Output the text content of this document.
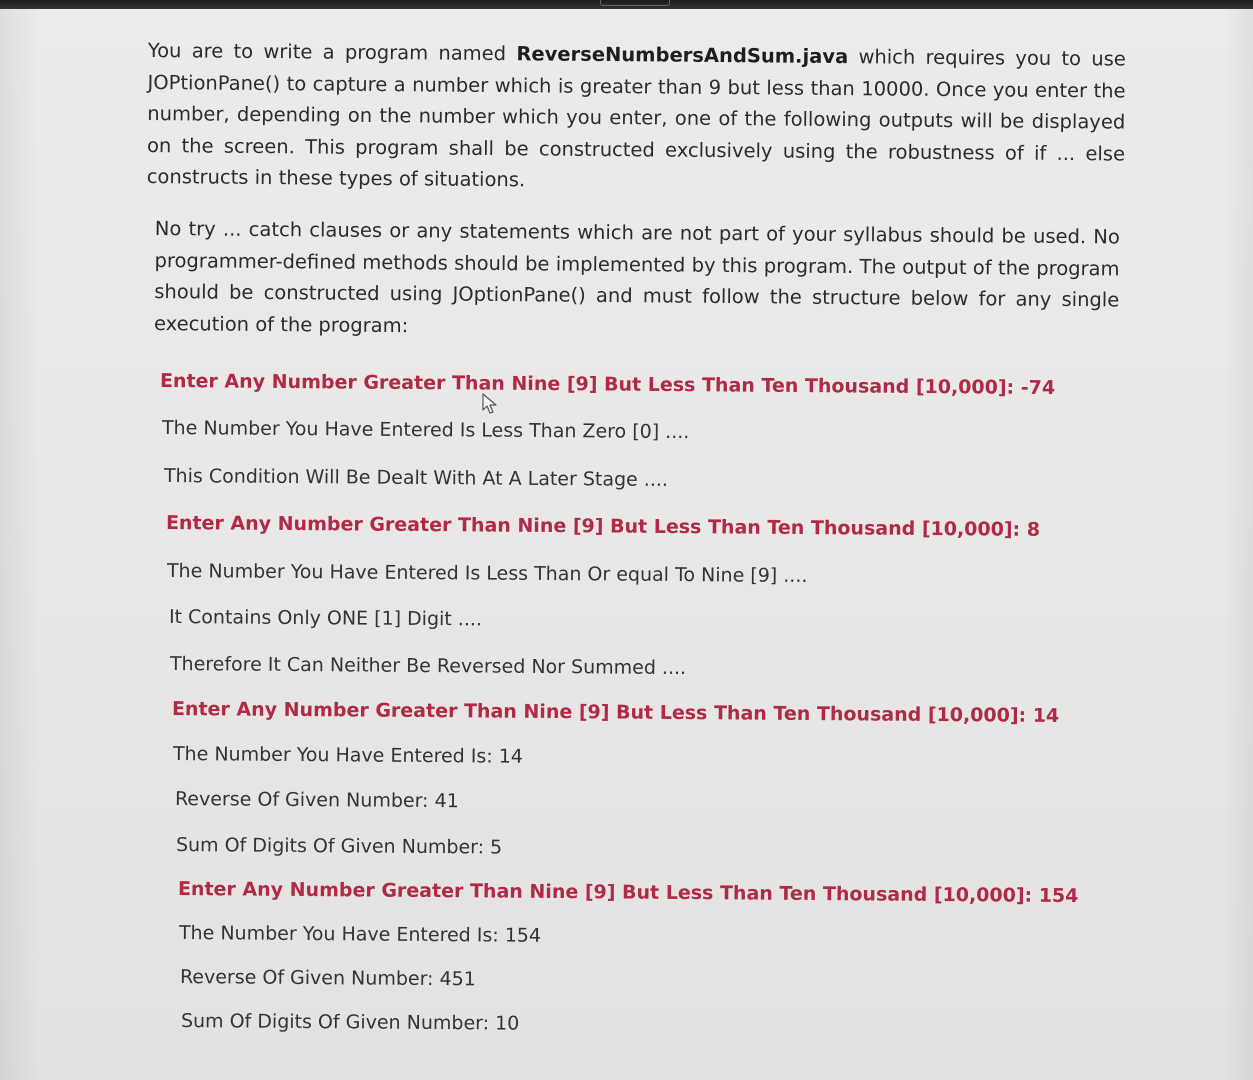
You are to write a program named ReverseNumbersAndSum.java which requires you to use JOPtionPane() to capture a number which is greater than 9 but less than 10000. Once you enter the number, depending on the number which you enter, one of the following outputs will be displayed on the screen. This program shall be constructed exclusively using the robustness of if ... else constructs in these types of situations.

No try ... catch clauses or any statements which are not part of your syllabus should be used. No programmer-defined methods should be implemented by this program. The output of the program should be constructed using JOptionPane() and must follow the structure below for any single execution of the program:

Enter Any Number Greater Than Nine [9] But Less Than Ten Thousand [10,000]: -74
The Number You Have Entered Is Less Than Zero [0] ....
This Condition Will Be Dealt With At A Later Stage ....
Enter Any Number Greater Than Nine [9] But Less Than Ten Thousand [10,000]: 8
The Number You Have Entered Is Less Than Or equal To Nine [9] ....
It Contains Only ONE [1] Digit ....
Therefore It Can Neither Be Reversed Nor Summed ....
Enter Any Number Greater Than Nine [9] But Less Than Ten Thousand [10,000]: 14
The Number You Have Entered Is: 14
Reverse Of Given Number: 41
Sum Of Digits Of Given Number: 5
Enter Any Number Greater Than Nine [9] But Less Than Ten Thousand [10,000]: 154
The Number You Have Entered Is: 154
Reverse Of Given Number: 451
Sum Of Digits Of Given Number: 10
